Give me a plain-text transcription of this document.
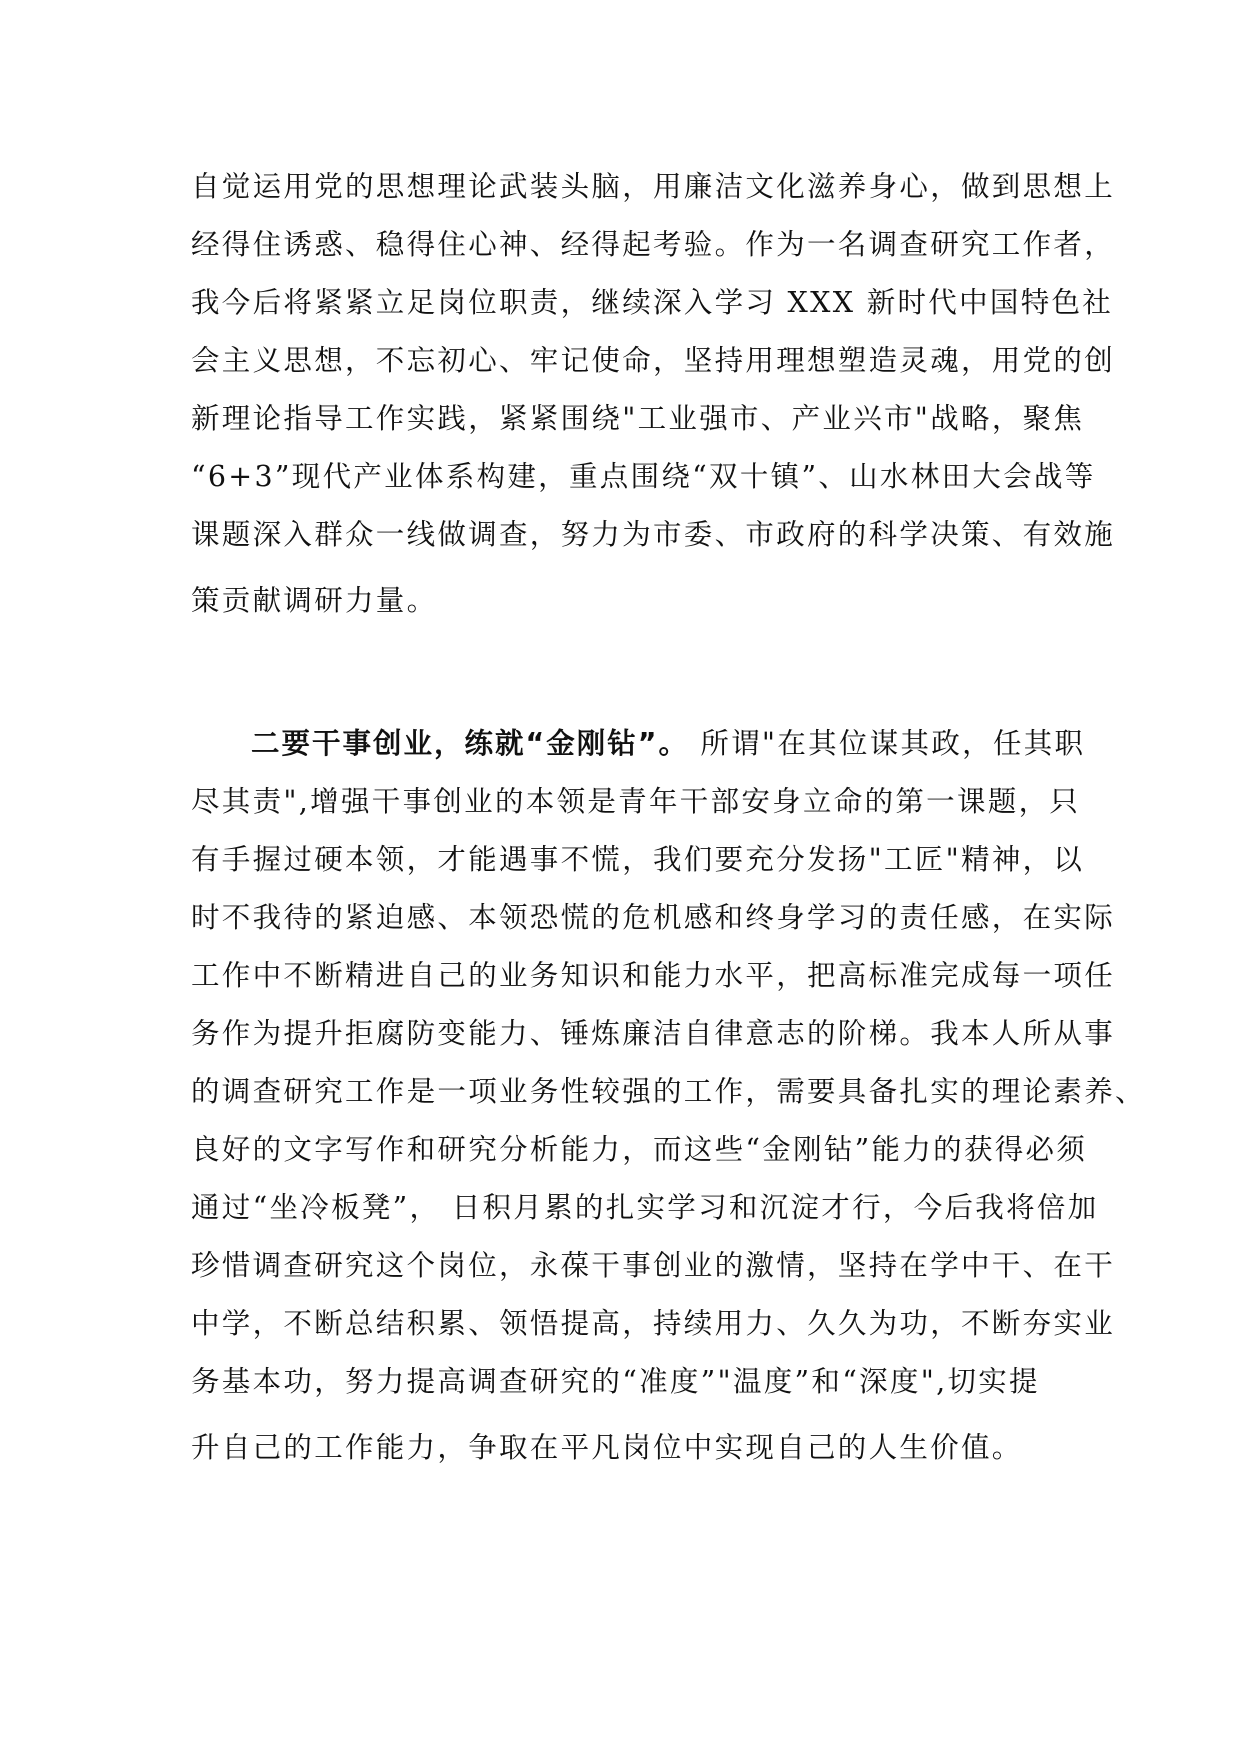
自觉运用党的思想理论武装头脑，用廉洁文化滋养身心，做到思想上
经得住诱惑、稳得住心神、经得起考验。作为一名调查研究工作者，
我今后将紧紧立足岗位职责，继续深入学习 XXX 新时代中国特色社
会主义思想，不忘初心、牢记使命，坚持用理想塑造灵魂，用党的创
新理论指导工作实践，紧紧围绕"工业强市、产业兴市"战略，聚焦
“6+3”现代产业体系构建，重点围绕“双十镇”、山水林田大会战等
课题深入群众一线做调查，努力为市委、市政府的科学决策、有效施
策贡献调研力量。
二要干事创业，练就“金刚钻”。 所谓"在其位谋其政，任其职
尽其责",增强干事创业的本领是青年干部安身立命的第一课题，只
有手握过硬本领，才能遇事不慌，我们要充分发扬"工匠"精神，以
时不我待的紧迫感、本领恐慌的危机感和终身学习的责任感，在实际
工作中不断精进自己的业务知识和能力水平，把高标准完成每一项任
务作为提升拒腐防变能力、锤炼廉洁自律意志的阶梯。我本人所从事
的调查研究工作是一项业务性较强的工作，需要具备扎实的理论素养、
良好的文字写作和研究分析能力，而这些“金刚钻”能力的获得必须
通过“坐冷板凳”， 日积月累的扎实学习和沉淀才行，今后我将倍加
珍惜调查研究这个岗位，永葆干事创业的激情，坚持在学中干、在干
中学，不断总结积累、领悟提高，持续用力、久久为功，不断夯实业
务基本功，努力提高调查研究的“准度”"温度”和“深度",切实提
升自己的工作能力，争取在平凡岗位中实现自己的人生价值。
